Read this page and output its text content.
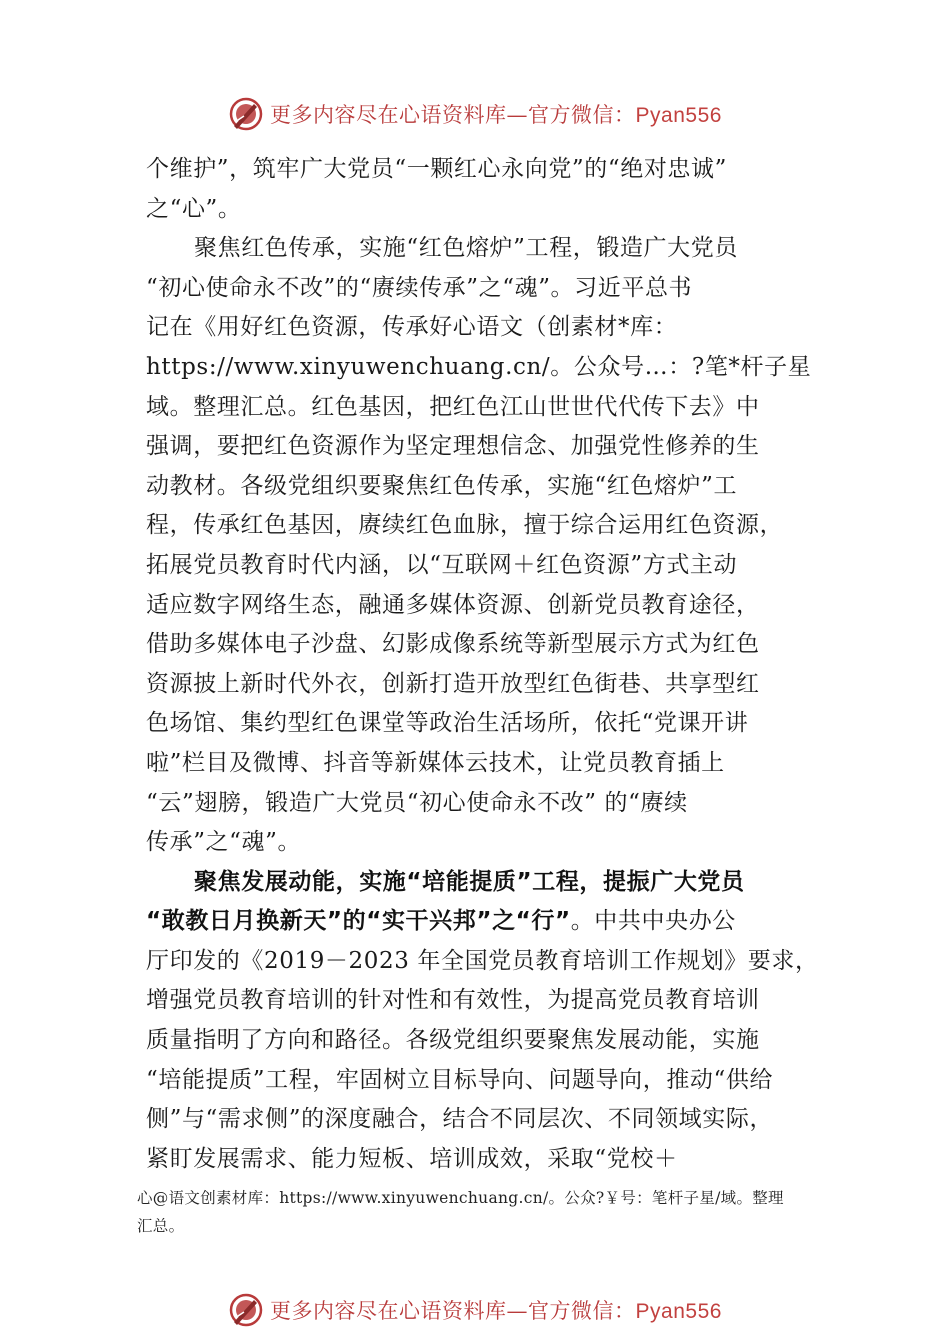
更多内容尽在心语资料库—官方微信：Pyan556
个维护”，筑牢广大党员“一颗红心永向党”的“绝对忠诚”
之“心”。
聚焦红色传承，实施“红色熔炉”工程，锻造广大党员
“初心使命永不改”的“赓续传承”之“魂”。习近平总书
记在《用好红色资源，传承好心语文（创素材*库：
https://www.xinyuwenchuang.cn/。公众号…：?笔*杆子星
域。整理汇总。红色基因，把红色江山世世代代传下去》中
强调，要把红色资源作为坚定理想信念、加强党性修养的生
动教材。各级党组织要聚焦红色传承，实施“红色熔炉”工
程，传承红色基因，赓续红色血脉，擅于综合运用红色资源，
拓展党员教育时代内涵，以“互联网＋红色资源”方式主动
适应数字网络生态，融通多媒体资源、创新党员教育途径，
借助多媒体电子沙盘、幻影成像系统等新型展示方式为红色
资源披上新时代外衣，创新打造开放型红色街巷、共享型红
色场馆、集约型红色课堂等政治生活场所，依托“党课开讲
啦”栏目及微博、抖音等新媒体云技术，让党员教育插上
“云”翅膀，锻造广大党员“初心使命永不改” 的“赓续
传承”之“魂”。
聚焦发展动能，实施“培能提质”工程，提振广大党员
“敢教日月换新天”的“实干兴邦”之“行”。中共中央办公
厅印发的《2019－2023 年全国党员教育培训工作规划》要求，
增强党员教育培训的针对性和有效性，为提高党员教育培训
质量指明了方向和路径。各级党组织要聚焦发展动能，实施
“培能提质”工程，牢固树立目标导向、问题导向，推动“供给
侧”与“需求侧”的深度融合，结合不同层次、不同领域实际，
紧盯发展需求、能力短板、培训成效，采取“党校＋
心@语文创素材库：https://www.xinyuwenchuang.cn/。公众?￥号：笔杆子星/域。整理
汇总。
更多内容尽在心语资料库—官方微信：Pyan556
